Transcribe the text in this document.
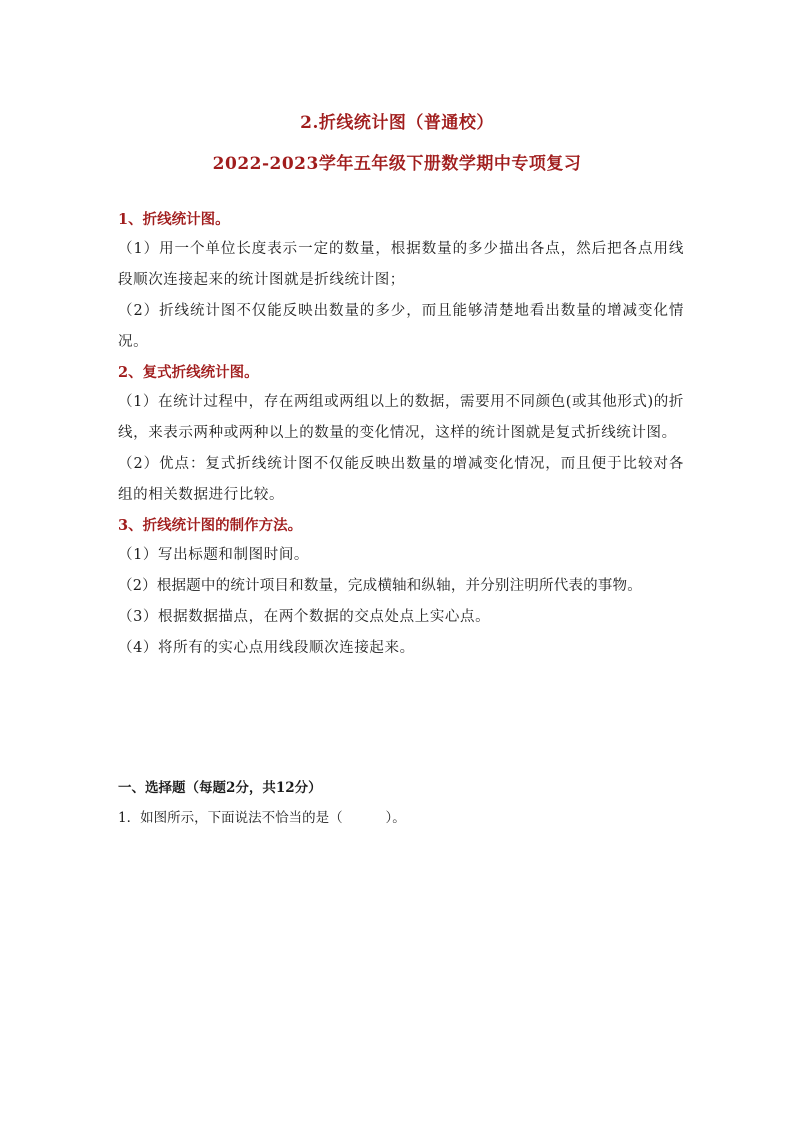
2.折线统计图（普通校）
2022-2023学年五年级下册数学期中专项复习

1、折线统计图。

（1）用一个单位长度表示一定的数量，根据数量的多少描出各点，然后把各点用线段顺次连接起来的统计图就是折线统计图；

（2）折线统计图不仅能反映出数量的多少，而且能够清楚地看出数量的增减变化情况。

2、复式折线统计图。

（1）在统计过程中，存在两组或两组以上的数据，需要用不同颜色(或其他形式)的折线，来表示两种或两种以上的数量的变化情况，这样的统计图就是复式折线统计图。

（2）优点：复式折线统计图不仅能反映出数量的增减变化情况，而且便于比较对各组的相关数据进行比较。

3、折线统计图的制作方法。

（1）写出标题和制图时间。

（2）根据题中的统计项目和数量，完成横轴和纵轴，并分别注明所代表的事物。

（3）根据数据描点，在两个数据的交点处点上实心点。

（4）将所有的实心点用线段顺次连接起来。

一、选择题（每题2分，共12分）

1．如图所示，下面说法不恰当的是（          ）。
